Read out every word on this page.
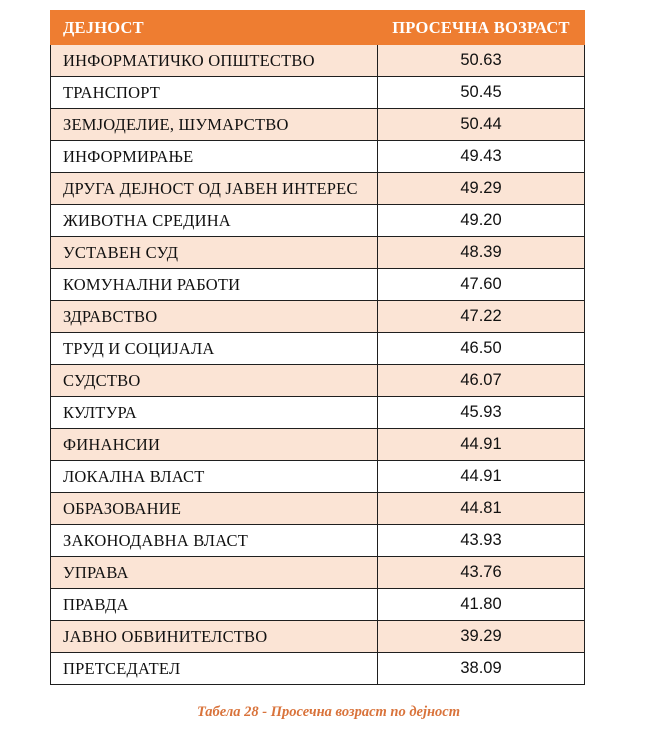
ДЕЈНОСТ	ПРОСЕЧНА ВОЗРАСТ
ИНФОРМАТИЧКО ОПШТЕСТВО	50.63
ТРАНСПОРТ	50.45
ЗЕМЈОДЕЛИЕ, ШУМАРСТВО	50.44
ИНФОРМИРАЊЕ	49.43
ДРУГА ДЕЈНОСТ ОД ЈАВЕН ИНТЕРЕС	49.29
ЖИВОТНА СРЕДИНА	49.20
УСТАВЕН СУД	48.39
КОМУНАЛНИ РАБОТИ	47.60
ЗДРАВСТВО	47.22
ТРУД И СОЦИЈАЛА	46.50
СУДСТВО	46.07
КУЛТУРА	45.93
ФИНАНСИИ	44.91
ЛОКАЛНА ВЛАСТ	44.91
ОБРАЗОВАНИЕ	44.81
ЗАКОНОДАВНА ВЛАСТ	43.93
УПРАВА	43.76
ПРАВДА	41.80
ЈАВНО ОБВИНИТЕЛСТВО	39.29
ПРЕТСЕДАТЕЛ	38.09
Табела 28 - Просечна возраст по дејност
